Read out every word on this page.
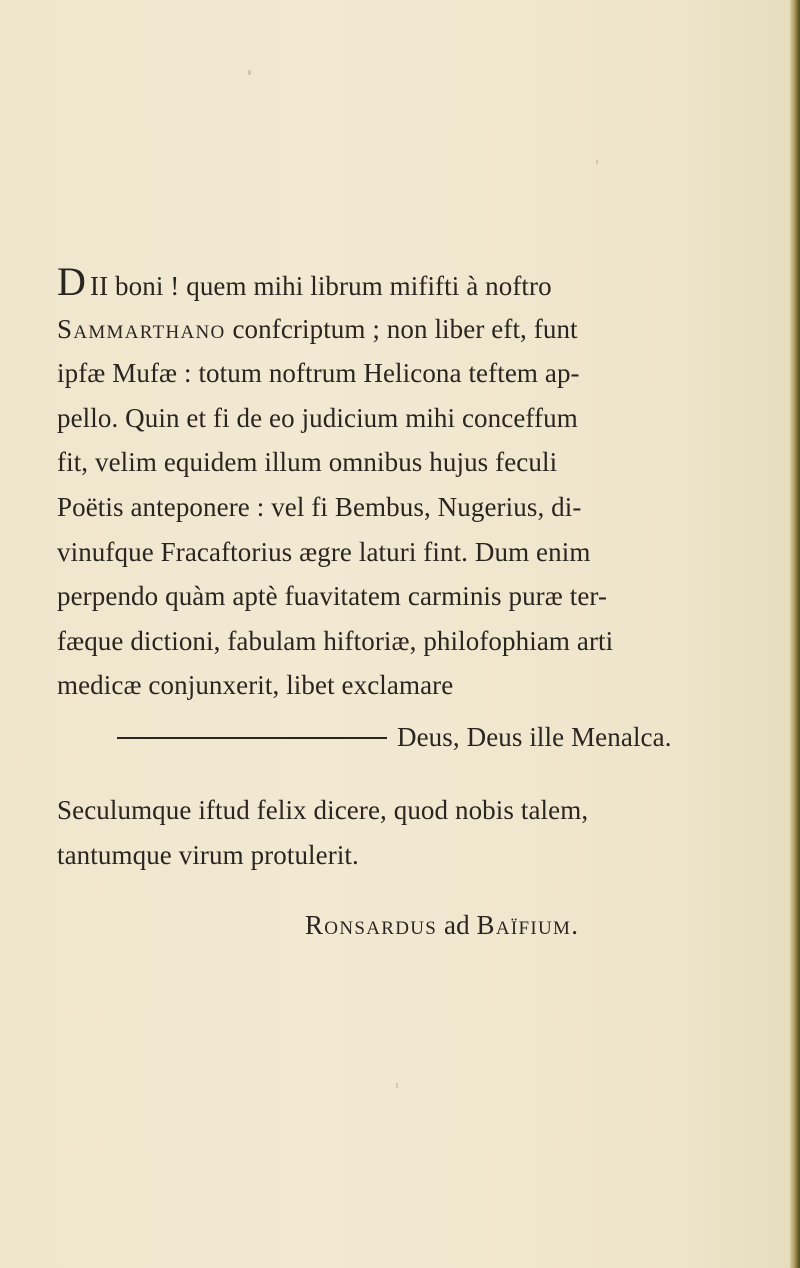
D II boni ! quem mihi librum mififti à noftro
Sammarthano confcriptum ; non liber eft, funt
ipfæ Mufæ : totum noftrum Helicona teftem ap-
pello. Quin et fi de eo judicium mihi conceffum
fit, velim equidem illum omnibus hujus feculi
Poëtis anteponere : vel fi Bembus, Nugerius, di-
vinufque Fracaftorius ægre laturi fint. Dum enim
perpendo quàm aptè fuavitatem carminis puræ ter-
fæque dictioni, fabulam hiftoriæ, philofophiam arti
medicæ conjunxerit, libet exclamare
Deus, Deus ille Menalca.
Seculumque iftud felix dicere, quod nobis talem,
tantumque virum protulerit.
Ronsardus ad Baïfium.
